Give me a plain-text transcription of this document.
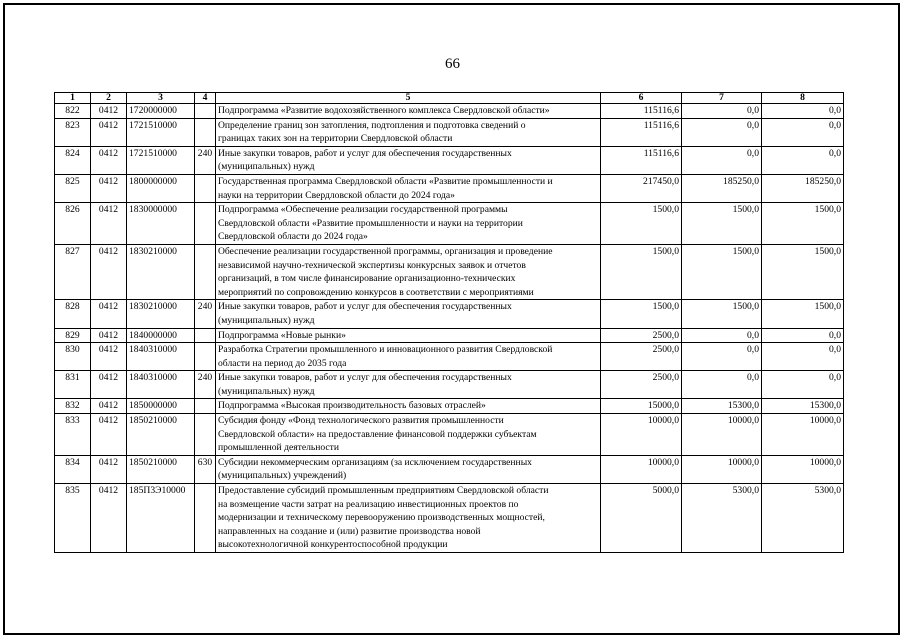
66
1	2	3	4	5	6	7	8
822	0412	1720000000		Подпрограмма «Развитие водохозяйственного комплекса Свердловской области»	115116,6	0,0	0,0
823	0412	1721510000		Определение границ зон затопления, подтопления и подготовка сведений о
границах таких зон на территории Свердловской области	115116,6	0,0	0,0
824	0412	1721510000	240	Иные закупки товаров, работ и услуг для обеспечения государственных
(муниципальных) нужд	115116,6	0,0	0,0
825	0412	1800000000		Государственная программа Свердловской области «Развитие промышленности и
науки на территории Свердловской области до 2024 года»	217450,0	185250,0	185250,0
826	0412	1830000000		Подпрограмма «Обеспечение реализации государственной программы
Свердловской области «Развитие промышленности и науки на территории
Свердловской области до 2024 года»	1500,0	1500,0	1500,0
827	0412	1830210000		Обеспечение реализации государственной программы, организация и проведение
независимой научно-технической экспертизы конкурсных заявок и отчетов
организаций, в том числе финансирование организационно-технических
мероприятий по сопровождению конкурсов в соответствии с мероприятиями	1500,0	1500,0	1500,0
828	0412	1830210000	240	Иные закупки товаров, работ и услуг для обеспечения государственных
(муниципальных) нужд	1500,0	1500,0	1500,0
829	0412	1840000000		Подпрограмма «Новые рынки»	2500,0	0,0	0,0
830	0412	1840310000		Разработка Стратегии промышленного и инновационного развития Свердловской
области на период до 2035 года	2500,0	0,0	0,0
831	0412	1840310000	240	Иные закупки товаров, работ и услуг для обеспечения государственных
(муниципальных) нужд	2500,0	0,0	0,0
832	0412	1850000000		Подпрограмма «Высокая производительность базовых отраслей»	15000,0	15300,0	15300,0
833	0412	1850210000		Субсидия фонду «Фонд технологического развития промышленности
Свердловской области» на предоставление финансовой поддержки субъектам
промышленной деятельности	10000,0	10000,0	10000,0
834	0412	1850210000	630	Субсидии некоммерческим организациям (за исключением государственных
(муниципальных) учреждений)	10000,0	10000,0	10000,0
835	0412	185П3Э10000		Предоставление субсидий промышленным предприятиям Свердловской области
на возмещение части затрат на реализацию инвестиционных проектов по
модернизации и техническому перевооружению производственных мощностей,
направленных на создание и (или) развитие производства новой
высокотехнологичной конкурентоспособной продукции	5000,0	5300,0	5300,0
